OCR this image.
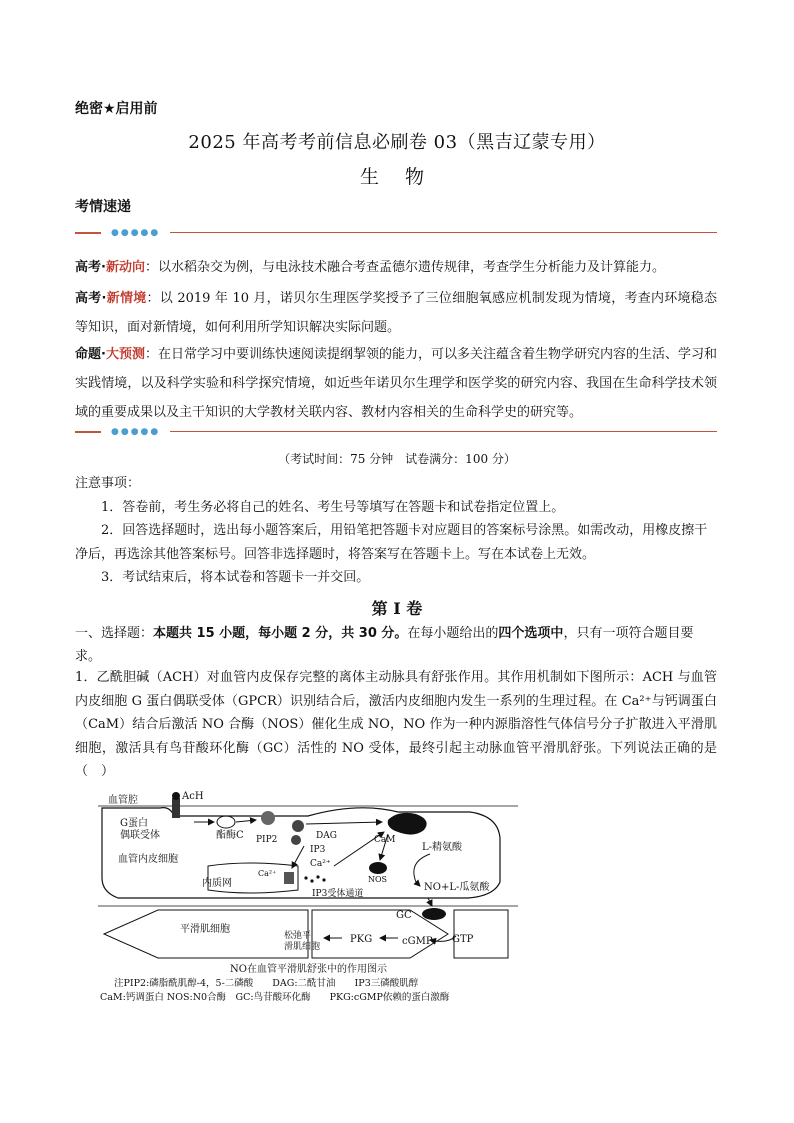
绝密★启用前
2025 年高考考前信息必刷卷 03（黑吉辽蒙专用）
生 物
考情速递
●●●●●
高考·新动向：以水稻杂交为例，与电泳技术融合考查孟德尔遗传规律，考查学生分析能力及计算能力。
高考·新情境：以 2019 年 10 月，诺贝尔生理医学奖授予了三位细胞氧感应机制发现为情境，考查内环境稳态等知识，面对新情境，如何利用所学知识解决实际问题。
命题·大预测：在日常学习中要训练快速阅读提纲挈领的能力，可以多关注蕴含着生物学研究内容的生活、学习和实践情境，以及科学实验和科学探究情境，如近些年诺贝尔生理学和医学奖的研究内容、我国在生命科学技术领域的重要成果以及主干知识的大学教材关联内容、教材内容相关的生命科学史的研究等。
●●●●●
（考试时间：75 分钟　试卷满分：100 分）
注意事项：
1．答卷前，考生务必将自己的姓名、考生号等填写在答题卡和试卷指定位置上。
2．回答选择题时，选出每小题答案后，用铅笔把答题卡对应题目的答案标号涂黑。如需改动，用橡皮擦干净后，再选涂其他答案标号。回答非选择题时，将答案写在答题卡上。写在本试卷上无效。
3．考试结束后，将本试卷和答题卡一并交回。
第 I 卷
一、选择题：本题共 15 小题，每小题 2 分，共 30 分。在每小题给出的四个选项中，只有一项符合题目要求。
1．乙酰胆碱（ACH）对血管内皮保存完整的离体主动脉具有舒张作用。其作用机制如下图所示：ACH 与血管内皮细胞 G 蛋白偶联受体（GPCR）识别结合后，激活内皮细胞内发生一系列的生理过程。在 Ca²⁺与钙调蛋白（CaM）结合后激活 NO 合酶（NOS）催化生成 NO，NO 作为一种内源脂溶性气体信号分子扩散进入平滑肌细胞，激活具有鸟苷酸环化酶（GC）活性的 NO 受体，最终引起主动脉血管平滑肌舒张。下列说法正确的是（　）
血管腔	AcH
G蛋白
偶联受体	酯酶C PIP2	DAG
IP3
Ca²⁺
CaM
NOS
L-精氨酸
NO+L-瓜氨酸
血管内皮细胞
内质网
Ca²⁺
IP3受体通道
GC
平滑肌细胞
松弛平
滑肌细胞
PKG	cGMP GTP
NO在血管平滑肌舒张中的作用图示
注PIP2:磷脂酰肌醇-4，5-二磷酸　　DAG:二酰甘油　　IP3三磷酸肌醇
CaM:钙调蛋白 NOS:N0合酶　GC:鸟苷酸环化酶　　PKG:cGMP依赖的蛋白激酶
